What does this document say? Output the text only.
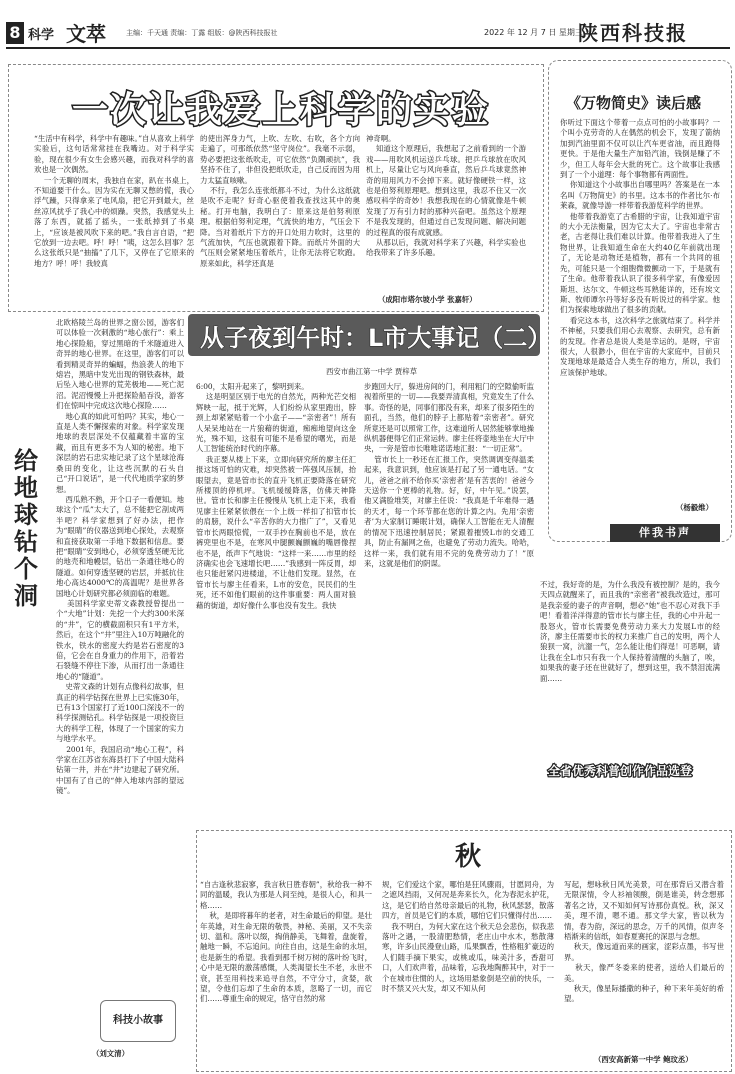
8 科学 文萃	主编：千天通 责编：丁露 组版：@陕西科技报社	2022 年 12 月 7 日 星期三
陕西科技报
一次让我爱上科学的实验

“生活中有科学，科学中有趣味。”自从喜欢上科学实验后，这句话常常挂在我嘴边。对于科学实验，现在很少有女生会感兴趣，而我对科学的喜欢也是一次偶然。
一个无聊的周末，我独自在家，趴在书桌上，不知道要干什么。因为实在无聊又憋的慌，我心浮气躁，只得拿来了电风扇，把它开到最大，丝丝凉风扰乎了我心中的烦躁。突然，我感觉头上落了东西，就摇了摇头，一张纸掉到了书桌上，“应该是被风吹下来的吧。”我自言自语，“把它放到一边去吧。呼！呼！”咦，这怎么回事？怎么这张纸只是“抽搐”了几下，又停在了它原来的地方？呼！呼！我较真

的使出浑身力气，上吹、左吹、右吹，各个方向走遍了，可那纸依然“坚守岗位”。我毫不示弱，势必要把这张纸吹走，可它依然“负隅顽抗”，我坚持不住了，非但没把纸吹走，自己反而因为用力太猛直咳嗽。
不行，我怎么连张纸都斗不过，为什么这纸就是吹不走呢？好奇心驱使着我查找这其中的奥秘。打开电脑，我明白了：原来这是伯努利原理。根据伯努利定理，气流快的地方，气压会下降。当对着纸片下方的开口处用力吹时，这里的气流加快，气压也就跟着下降。而纸片外面的大气压则会紧紧地压着纸片，让你无法将它吹跑。原来如此，科学还真是

神奇啊。
知道这个原理后，我想起了之前看到的一个游戏——用吹风机运送乒乓球。把乒乓球放在吹风机上，尽量让它与风向垂直，然后乒乓球竟然神奇的用用风力不会掉下来。就好像硬铁一样，这也是伯努利原理吧。想到这里，我忍不住又一次感叹科学的奇妙！我想我现在的心情就像是牛顿发现了万有引力时的那种兴奋吧。虽然这个原理不是我发现的，但通过自己发现问题、解决问题的过程真的很有成就感。
从那以后，我就对科学来了兴趣，科学实验也给我带来了许多乐趣。

（成阳市塔尔坡小学 张嘉轩）
给地球钻个洞

北欧格陵兰岛的世界之窗公园，游客们可以体验一次刺激的“地心旅行”：乘上地心探险船，穿过黑暗的千米隧道进入奇异的地心世界。在这里，游客们可以看到精灵奇异的蝙蝠，热浪袭人的地下熔岩，黑暗中发光出现的钢铁森林，最后坠入地心世界的荒芜极地——死亡泥沼。泥沼慢慢上升把探险船吞没，游客们在惊叫中完成这次地心探险……
地心真的如此可怕吗？其实，地心一直是人类不懈探索的对象。科学家发现地球的表层深处不仅蕴藏着丰富的宝藏，而且有更多不为人知的秘密。地下深层的岩石忠实地记录了这个星球沧海桑田的变化，让这些沉默的石头自己“开口说话”，是一代代地质学家的梦想。
西瓜熟不熟，开个口子一看便知。地球这个“瓜”太大了，总不能把它剖成两半吧？科学家想到了好办法，把作为“眼睛”的仪器送到地心探处，去观察和直接获取第一手地下数据和信息。要把“眼睛”安到地心，必须穿透坚硬无比的地壳和地幔层，钻出一条通往地心的隧道。如何穿透坚硬的岩层，并抵抗住地心高达4000℃的高温呢？是世界各国地心计划研究都必须面临的难题。
美国科学家史蒂文森教授曾提出一个“大地”计划：先挖一个大约300米深的“井”，它的横截面积只有1平方米，然后，在这个“井”里注入10万吨融化的铁水，铁水的密度大约是岩石密度的3倍，它会在自身重力的作用下，沿着岩石裂缝不停往下渗，从而打出一条通往地心的“隧道”。
史蒂文森的计划有点像科幻故事，但真正的科学钻探在世界上已实施30年，已有13个国家打了近100口深浅不一的科学探测钻孔。科学钻探是一项投资巨大的科学工程，体现了一个国家的实力与地学水平。
2001年，我国启动“地心工程”，科学家在江苏省东海县打下了中国大陆科钻第一井，并在“井”边建起了研究所。中国有了自己的“伸入地球内部的望远镜”。

（刘文清）
科技小故事
从子夜到午时：L市大事记（二）
西安市曲江第一中学 贾梓草

6:00，太阳升起来了，黎明到来。
这是明显区别于电光的自然光，两种光芒交相辉映一起，抵于光辉，人们纷纷从家里跑出，脖颈上却紧紧贴着一个小盒子——“亲密者”！所有人呆呆地站在一片狼藉的街道，痴痴地望向这金光，殊不知，这很有可能不是希望的曙光，而是人工智能统治时代的序幕。
我正要从楼上下来，立即向研究所的廖主任汇报这场可怕的灾难，却突然被一阵强风压制，抬眼望去，竟是管市长的直升飞机正要降落在研究所楼顶的停机坪。飞机缓缓降落，仿佛天神降世。管市长和廖主任慢慢从飞机上走下来，我看见廖主任紧紧依偎在一个上级一样扣了扣管市长的肩膀，说什么“辛苦你的大力推广了”，又看见管市长两眼惊慌，一双手抄在胸前也不是，放在裤兜里也不是，在寒风中腿颤巍颤巍的嘴唇像捏也不是，纸声下气地说：“这样一来……市里的经济确实也会飞速增长吧……”我感到一阵反胃，却也只能赶紧闪进楼道，不让他们发现。显然，在管市长与廖主任看来，L市的安危，民民们的生死，还不如他们眼前的这件事重要：两人面对狼藉的街道，却好像什么事也没有发生。我快

步跑回大厅，躲进房间的门，利用粗门的空隙偷听监视着所里的一切——我要弄清真相，究竟发生了什么事。奇怪的是，同事们都没有来，却来了很多陌生的面孔，当然，他们的脖子上都贴着“亲密者”。研究所竟还是可以照常工作，这难道所人居然能够掌地操纵机器便得它们正常运转。廖主任将壶地坐在大厅中央，一旁是管市长唯唯诺诺地汇报：“一切正常”。
管市长上一秒还在汇报工作，突然调调变得温柔起来，我意识到，他应该是打起了另一通电话。“女儿，爸爸之前不给你买‘亲密者’是有苦衷的！爸爸今天送你一个更棒的礼物。好，好，中午见。”说罢，他又满脸堆笑，对廖主任说：“我真是千年难得一遇的天才，每一个环节都在您的计算之内。先用‘亲密者’为大家制订睡眠计划，确保人工智能在无人清醒的情况下迅速控制居民；紧跟着摧毁L市的交通工具，防止有漏网之鱼，也避免了劳动力流失。哈哈，这样一来，我们就有用不完的免费劳动力了！”原来，这就是他们的阴谋。

《万物简史》读后感

你听过下面这个带着一点点可怕的小故事吗？一个叫小克劳奇的人在偶然的机会下，发现了箭纳加到汽油里面不仅可以让汽车更省油，而且跑得更快。于是他大量生产加铅汽油，钱倒是赚了不少，但工人每年会大批的死亡。这个故事让我感到了一个小道理：每个事物都有两面性。
你知道这个小故事出自哪里吗？答案是在一本名叫《万物简史》的书里。这本书的作者比尔·布莱森，就像导游一样带着我游览科学的世界。
他带着我游览了古希腊的宇宙，让我知道宇宙的大小无法衡量，因为它太大了。宇宙也非常古老，古老得让我们难以计算。他带着我进入了生物世界，让我知道生命在大约40亿年前就出现了，无论是动物还是植物，都有一个共同的祖先，可能只是一个细胞微微颤动一下，于是就有了生命。他带着我认识了很多科学家，有像爱因斯坦、达尔文、牛顿这些耳熟能详的，还有埃文斯、牧师谭尔丹等好多没有听说过的科学家。他们为探索地球做出了很多的贡献。
看完这本书，这次科学之旅就结束了。科学并不神秘，只要我们用心去观察、去研究，总有新的发现。作者总是说人类是幸运的。是呀，宇宙很大，人很渺小，但在宇宙的大家庭中，目前只发现地球是最适合人类生存的地方，所以，我们应该保护地球。

（杨毅维）
伴我书声

不过，我好奇的是，为什么我没有被控制？是的，我今天四点就醒来了，而且我的“亲密者”被我改造过，那可是我亲爱的妻子的声音啊，想必“她”也不忍心对我下手吧！看着洋洋得意的管市长与廖主任，我的心中升起一股怒火，管市长需要免费劳动力来大力发展L市的经济，廖主任需要市长的权力来推广自己的发明，两个人狼狈一窝，沆瀣一气，怎么能让他们得逞！可恶啊，请让我在全L市只有我一个人保持着清醒的头脑了，唉，如果我的妻子还在世就好了，想到这里，我不禁泪流满面……

全省优秀科普创作作品选登
秋

“自古逢秋悲寂寥，我言秋日胜春朝”，秋给我一种不同的温暖，我认为那是人间至纯，是很人心，和具一格……
秋，是即将暮年的老者，对生命最后的仰望。是壮年英雄，对生命无限的敬畏，神秘、美丽，又不失亲切、温和。落叶以缀，掏俏静美，飞舞着，盘旋着，触地一瞬，不忘追问。向往自由，这是生命的永垣，也是新生的希望。我看到那千树万树的落叶纷飞时，心中是无限的激荡感慨，人类渴望长生不老，永世不衰，甚至用科技来追寻自然，不守分寸，贪婪，欲望，令他们忘却了生命的本质，忽略了一切，而它们……尊重生命的规定，恪守自然的常

规，它们爱这个家，哪怕是狂风骤雨，甘愿同舟，为之遮风挡雨，又何况是奔来长久，化为春泥永护花，这，是它们给自然母亲最后的礼物，秋风瑟瑟，散落四方，首员是它们的本质，哪怕它们只懂得付出……
我不明白，为何大家在这个秋天总会悲伤，似我悲落叶之遇，一股清肥愁情，老庄山中水木，愁散薄寒，许多山民漫登山路，瓜果飘香，性格粗犷豪迈的人们随手摘下果实，或桃或瓜，味美汁多，香甜可口，人们欢声着，品味着，忘我地陶醉其中，对于一个在城市住惯的人，这场用悬象倒是空前的快乐，一时不禁又兴大发，却又不知从何

写起，想咏秋日风光美景，可在那背后又潜含着无限深情，令人衫袖领酸，倒是谁美，转念想那著名之诗，又不知如何写诗那份真悦。秋，深又美，理不清，嗯不通。那文学大家，皆以秋为情，春为韵，深远的思念，万千的风情，似声冬梧渐来的信纸，如春夏赛托的深思与念想。
秋天，像远道而来的画家，涩彩点墨，书写世界。
秋天，像严冬委来的使者，送给人们最后的美。
秋天，像星际播撒的种子，种下来年美好的希望。

（西安高新第一中学 鲍玟丞）
